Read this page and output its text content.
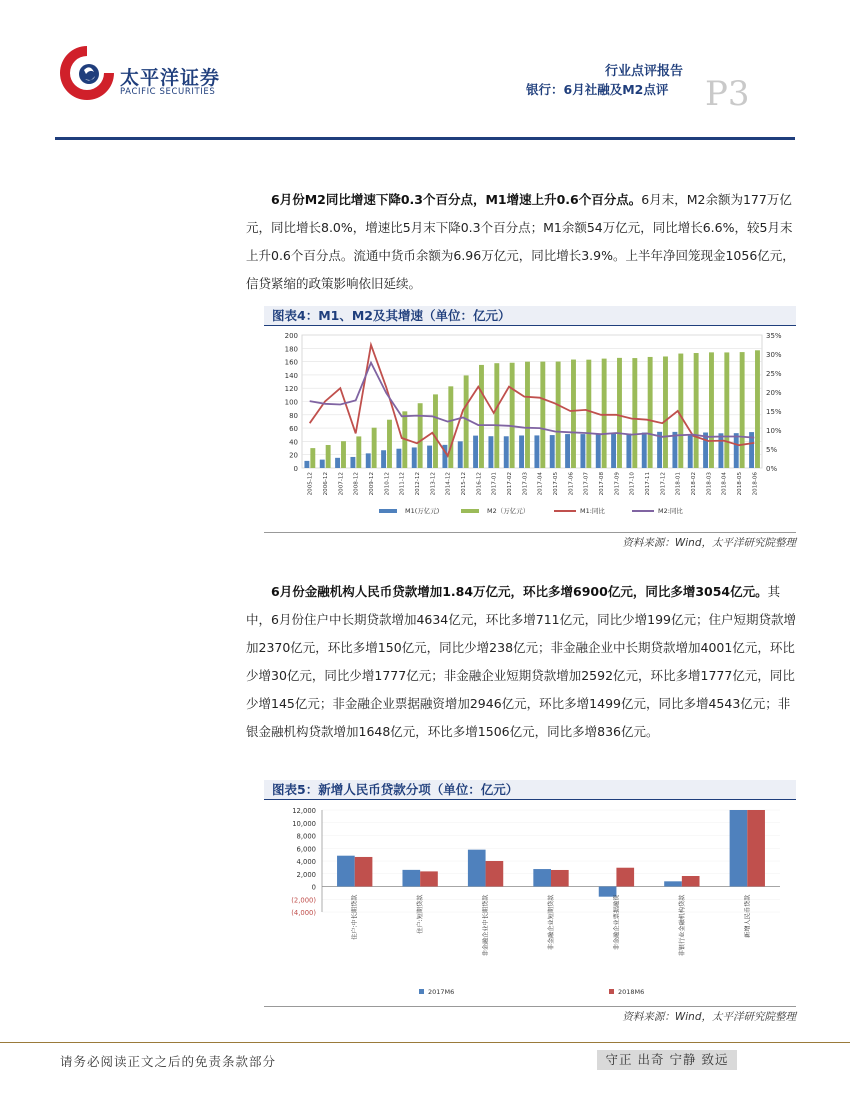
太平洋证券
PACIFIC SECURITIES
行业点评报告
银行：6月社融及M2点评 P3
6月份M2同比增速下降0.3个百分点，M1增速上升0.6个百分点。6月末，M2余额为177万亿元，同比增长8.0%，增速比5月末下降0.3个百分点；M1余额54万亿元，同比增长6.6%，较5月末上升0.6个百分点。流通中货币余额为6.96万亿元，同比增长3.9%。上半年净回笼现金1056亿元，信贷紧缩的政策影响依旧延续。
图表4：M1、M2及其增速（单位：亿元）
0
20
40
60
80
100
120
140
160
180
200
0%
5%
10%
15%
20%
25%
30%
35%
2005-12 2006-12 2007-12 2008-12 2009-12 2010-12 2011-12 2012-12 2013-12 2014-12 2015-12 2016-12 2017-01 2017-02 2017-03 2017-04 2017-05 2017-06 2017-07 2017-08 2017-09 2017-10 2017-11 2017-12 2018-01 2018-02 2018-03 2018-04 2018-05 2018-06
M1(万亿元)	M2（万亿元）	M1:同比	M2:同比
资料来源：Wind，太平洋研究院整理
6月份金融机构人民币贷款增加1.84万亿元，环比多增6900亿元，同比多增3054亿元。其中，6月份住户中长期贷款增加4634亿元，环比多增711亿元，同比少增199亿元；住户短期贷款增加2370亿元，环比多增150亿元，同比少增238亿元；非金融企业中长期贷款增加4001亿元，环比少增30亿元，同比少增1777亿元；非金融企业短期贷款增加2592亿元，环比多增1777亿元，同比少增145亿元；非金融企业票据融资增加2946亿元，环比多增1499亿元，同比多增4543亿元；非银金融机构贷款增加1648亿元，环比多增1506亿元，同比多增836亿元。
图表5：新增人民币贷款分项（单位：亿元）
12,000
10,000
8,000
6,000
4,000
2,000
0
(2,000)
(4,000)	住户:中长期贷款	住户:短期贷款	非金融企业中长期贷款	非金融企业短期贷款	非金融企业票据融资	非银行业金融机构贷款	新增人民币贷款
2017M6	2018M6
资料来源：Wind，太平洋研究院整理
请务必阅读正文之后的免责条款部分	守正 出奇 宁静 致远
